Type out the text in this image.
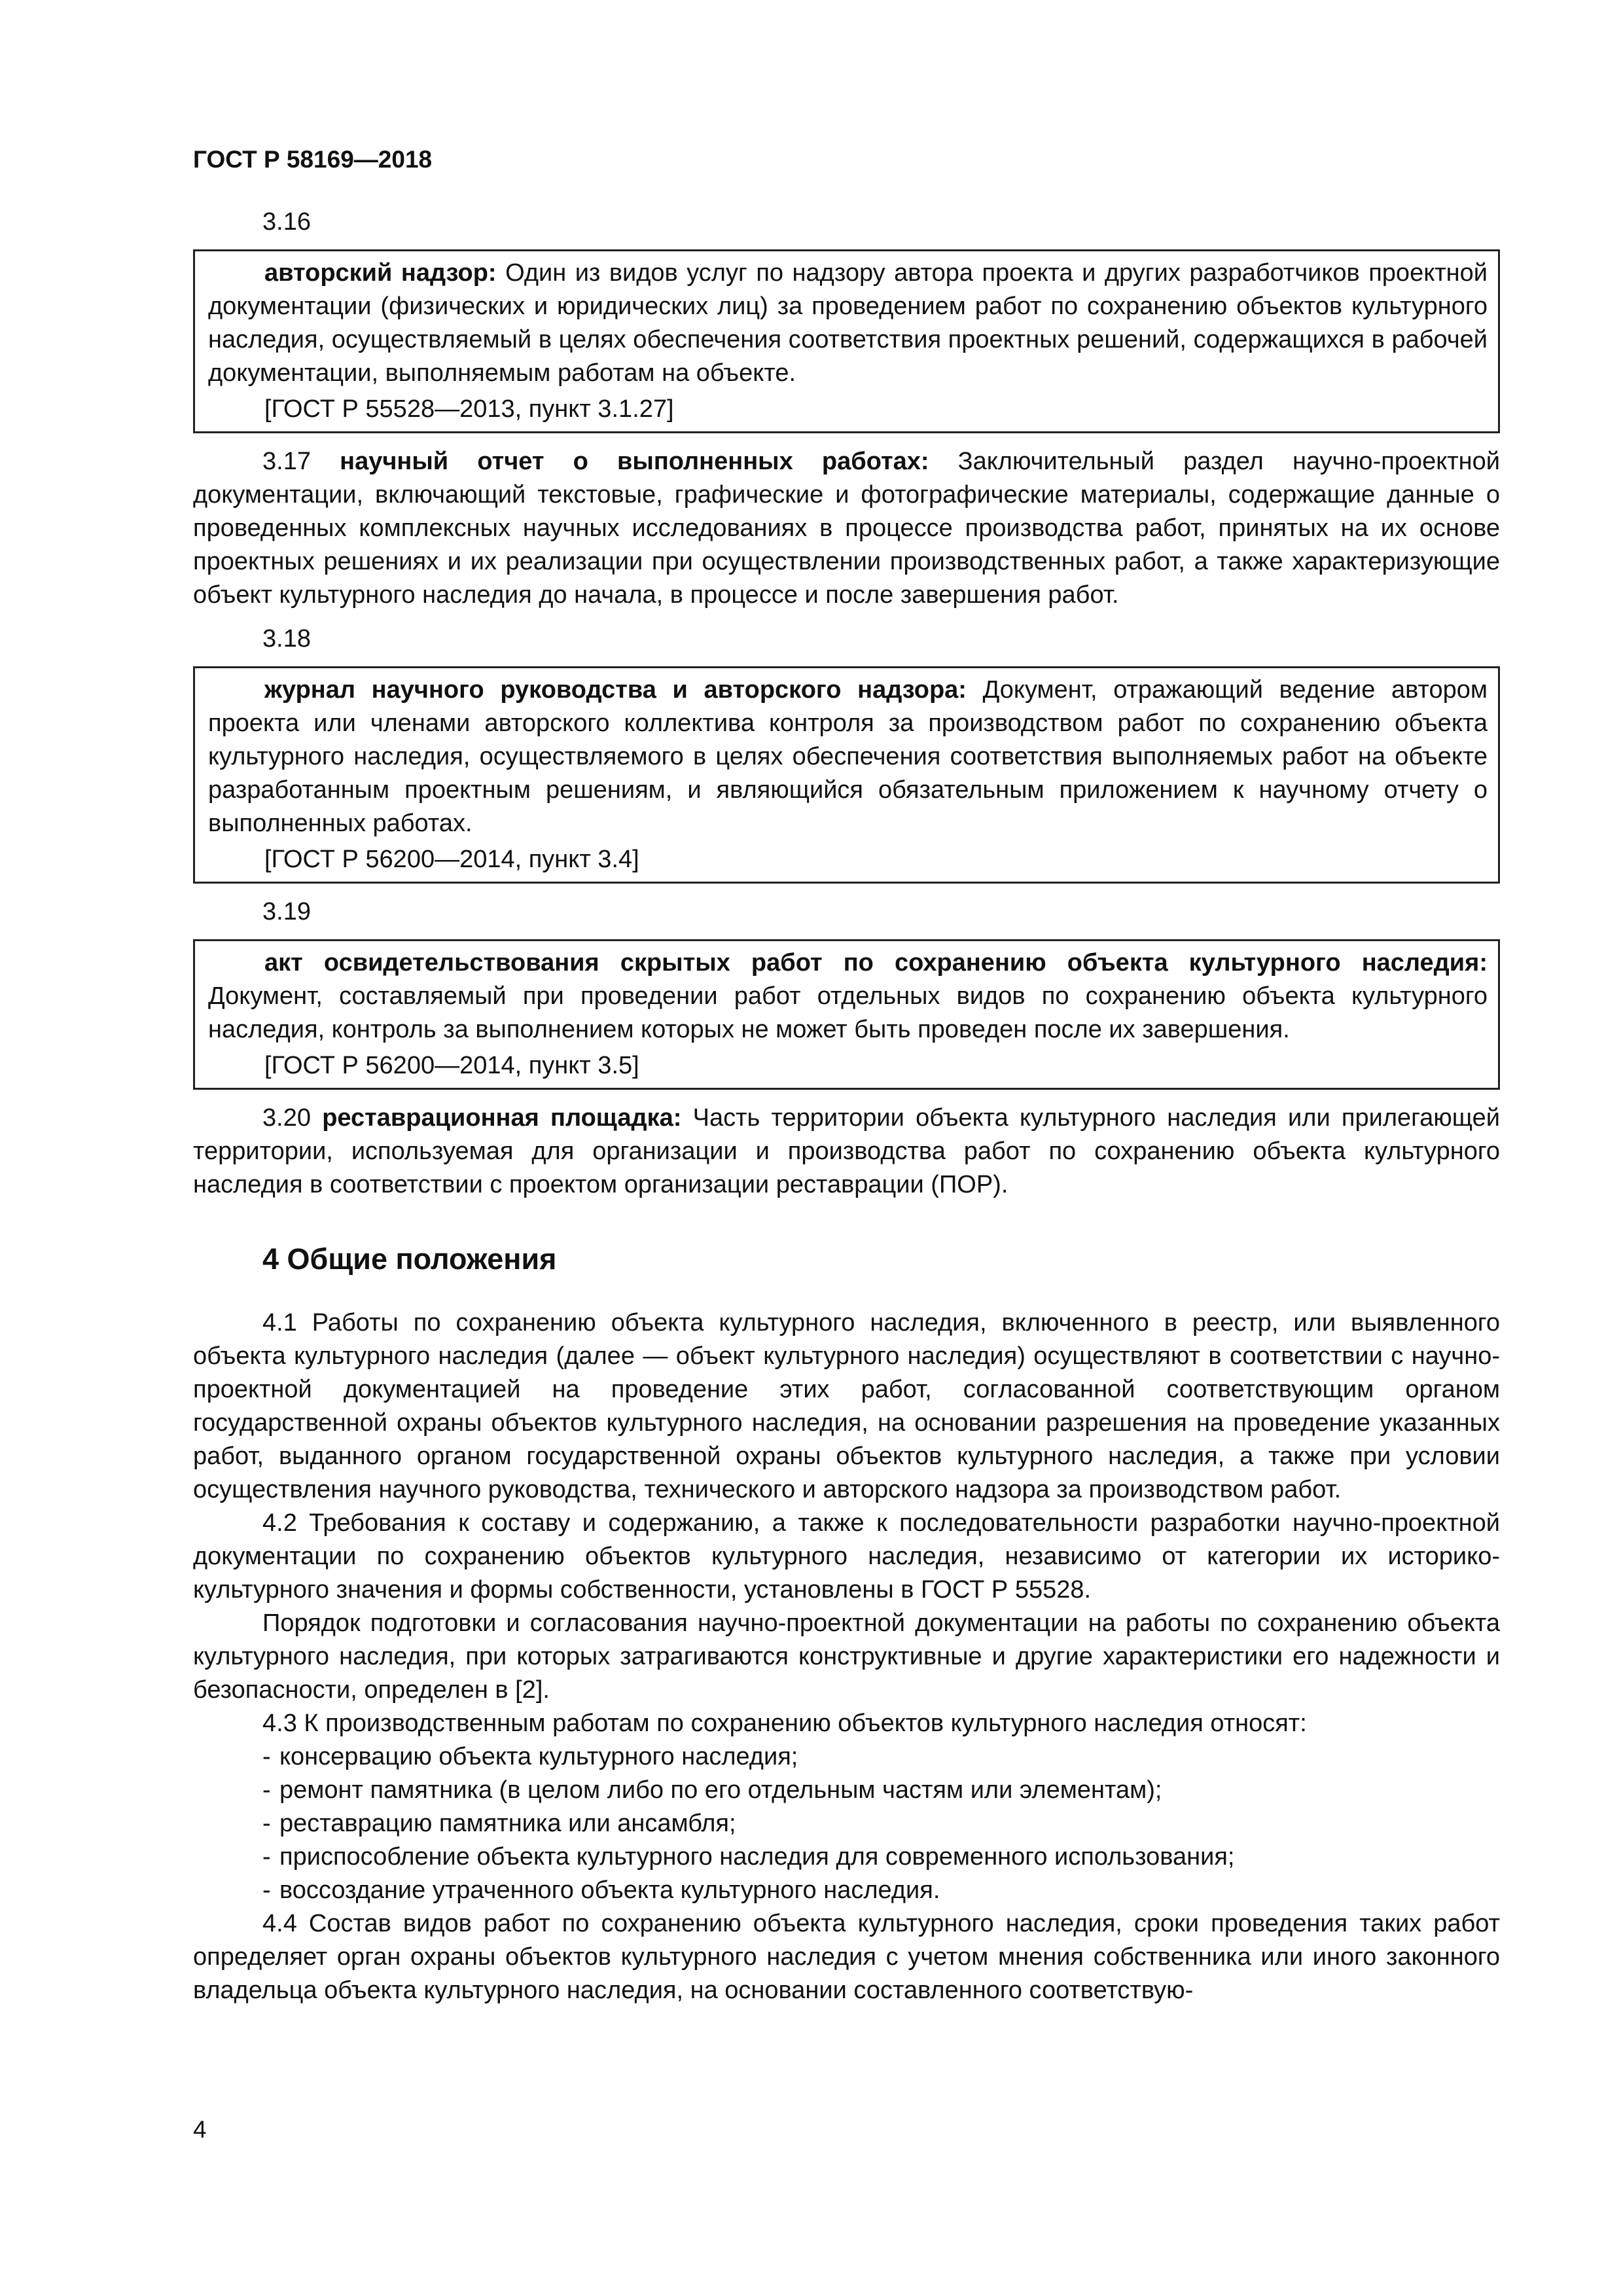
ГОСТ Р 58169—2018
3.16

авторский надзор: Один из видов услуг по надзору автора проекта и других разработчиков проектной документации (физических и юридических лиц) за проведением работ по сохранению объектов культурного наследия, осуществляемый в целях обеспечения соответствия проектных решений, содержащихся в рабочей документации, выполняемым работам на объекте.

[ГОСТ Р 55528—2013, пункт 3.1.27]

3.17 научный отчет о выполненных работах: Заключительный раздел научно-проектной документации, включающий текстовые, графические и фотографические материалы, содержащие данные о проведенных комплексных научных исследованиях в процессе производства работ, принятых на их основе проектных решениях и их реализации при осуществлении производственных работ, а также характеризующие объект культурного наследия до начала, в процессе и после завершения работ.

3.18

журнал научного руководства и авторского надзора: Документ, отражающий ведение автором проекта или членами авторского коллектива контроля за производством работ по сохранению объекта культурного наследия, осуществляемого в целях обеспечения соответствия выполняемых работ на объекте разработанным проектным решениям, и являющийся обязательным приложением к научному отчету о выполненных работах.

[ГОСТ Р 56200—2014, пункт 3.4]
3.19

акт освидетельствования скрытых работ по сохранению объекта культурного наследия: Документ, составляемый при проведении работ отдельных видов по сохранению объекта культурного наследия, контроль за выполнением которых не может быть проведен после их завершения.

[ГОСТ Р 56200—2014, пункт 3.5]

3.20 реставрационная площадка: Часть территории объекта культурного наследия или прилегающей территории, используемая для организации и производства работ по сохранению объекта культурного наследия в соответствии с проектом организации реставрации (ПОР).

4 Общие положения

4.1 Работы по сохранению объекта культурного наследия, включенного в реестр, или выявленного объекта культурного наследия (далее — объект культурного наследия) осуществляют в соответствии с научно-проектной документацией на проведение этих работ, согласованной соответствующим органом государственной охраны объектов культурного наследия, на основании разрешения на проведение указанных работ, выданного органом государственной охраны объектов культурного наследия, а также при условии осуществления научного руководства, технического и авторского надзора за производством работ.

4.2 Требования к составу и содержанию, а также к последовательности разработки научно-проектной документации по сохранению объектов культурного наследия, независимо от категории их историко-культурного значения и формы собственности, установлены в ГОСТ Р 55528.

Порядок подготовки и согласования научно-проектной документации на работы по сохранению объекта культурного наследия, при которых затрагиваются конструктивные и другие характеристики его надежности и безопасности, определен в [2].

4.3 К производственным работам по сохранению объектов культурного наследия относят:

- консервацию объекта культурного наследия;
- ремонт памятника (в целом либо по его отдельным частям или элементам);
- реставрацию памятника или ансамбля;
- приспособление объекта культурного наследия для современного использования;
- воссоздание утраченного объекта культурного наследия.

4.4 Состав видов работ по сохранению объекта культурного наследия, сроки проведения таких работ определяет орган охраны объектов культурного наследия с учетом мнения собственника или иного законного владельца объекта культурного наследия, на основании составленного соответствую-

4
